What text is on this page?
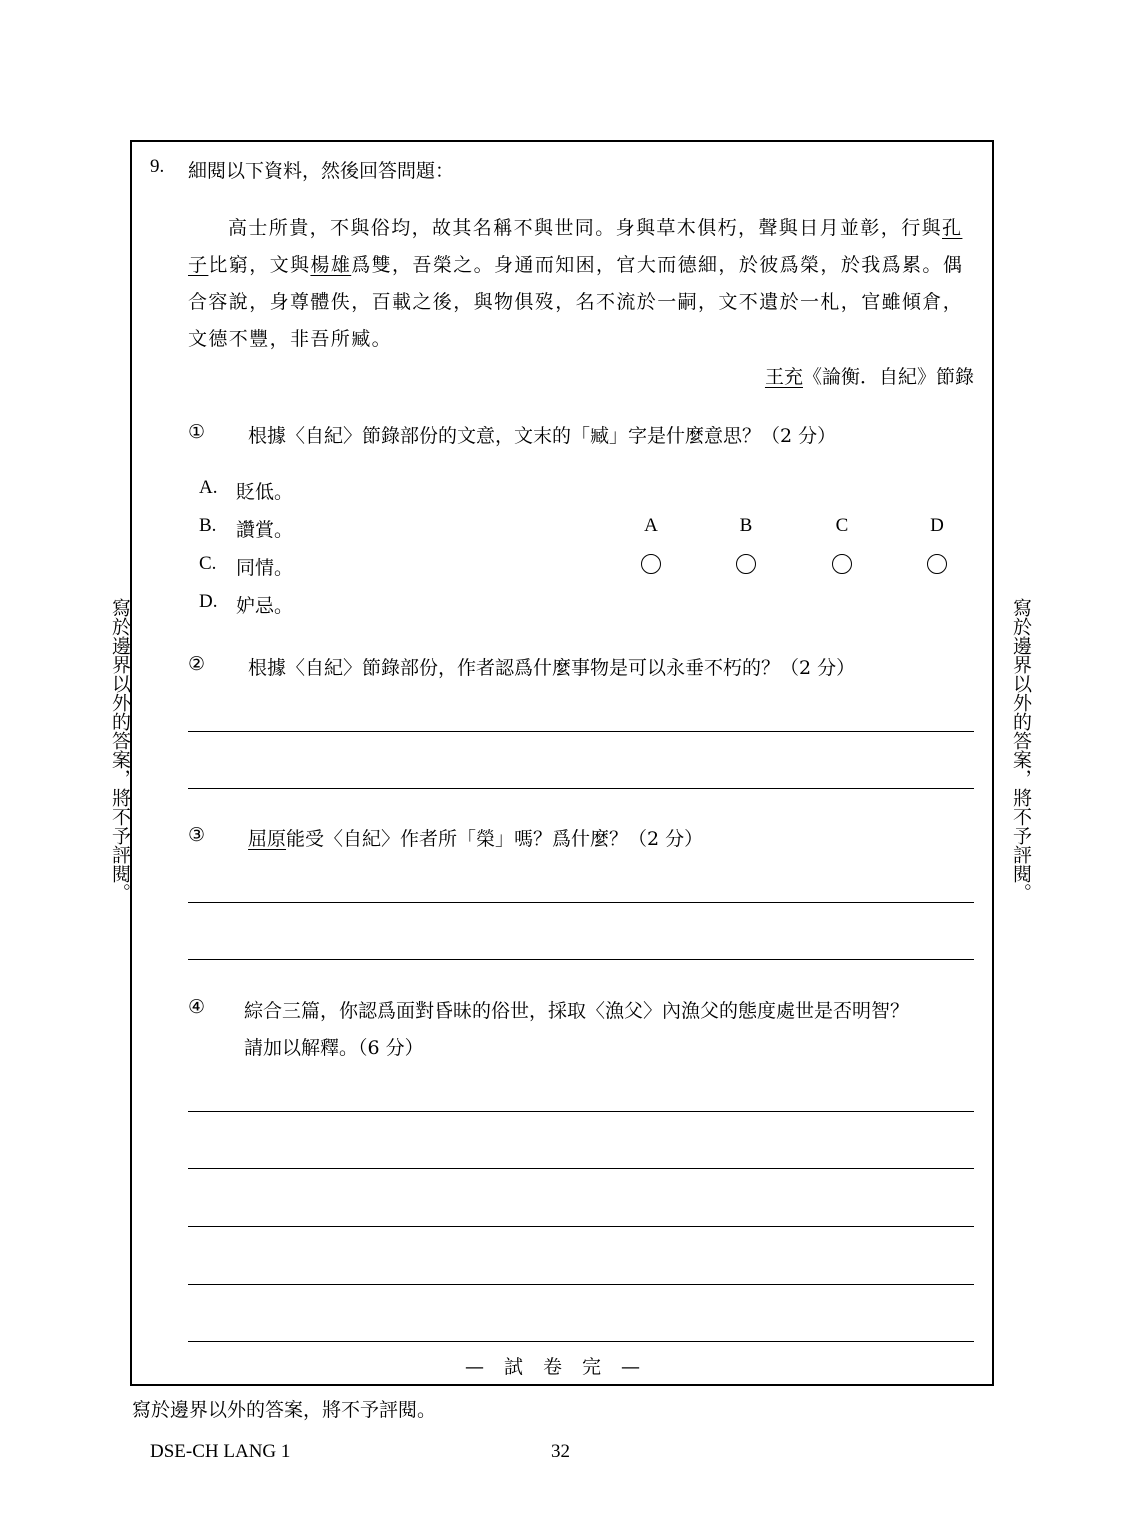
9. 細閱以下資料，然後回答問題：

高士所貴，不與俗均，故其名稱不與世同。身與草木俱朽，聲與日月並彰，行與孔

子比窮，文與楊雄爲雙，吾榮之。身通而知困，官大而德細，於彼爲榮，於我爲累。偶

合容說，身尊體佚，百載之後，與物俱歿，名不流於一嗣，文不遺於一札，官雖傾倉，

文德不豐，非吾所臧。

王充《論衡．自紀》節錄
① 根據〈自紀〉節錄部份的文意，文末的「臧」字是什麼意思？（2 分）
A. 貶低。
B. 讚賞。
C. 同情。
D. 妒忌。
A	B	C	D
② 根據〈自紀〉節錄部份，作者認爲什麼事物是可以永垂不朽的？（2 分）
③ 屈原能受〈自紀〉作者所「榮」嗎？爲什麼？（2 分）
④ 綜合三篇，你認爲面對昏昧的俗世，採取〈漁父〉內漁父的態度處世是否明智？
請加以解釋。（6 分）
—試卷完—
寫於邊界以外的答案，將不予評閱。	寫於邊界以外的答案，將不予評閱。
寫於邊界以外的答案，將不予評閱。
DSE-CH LANG 1	32
